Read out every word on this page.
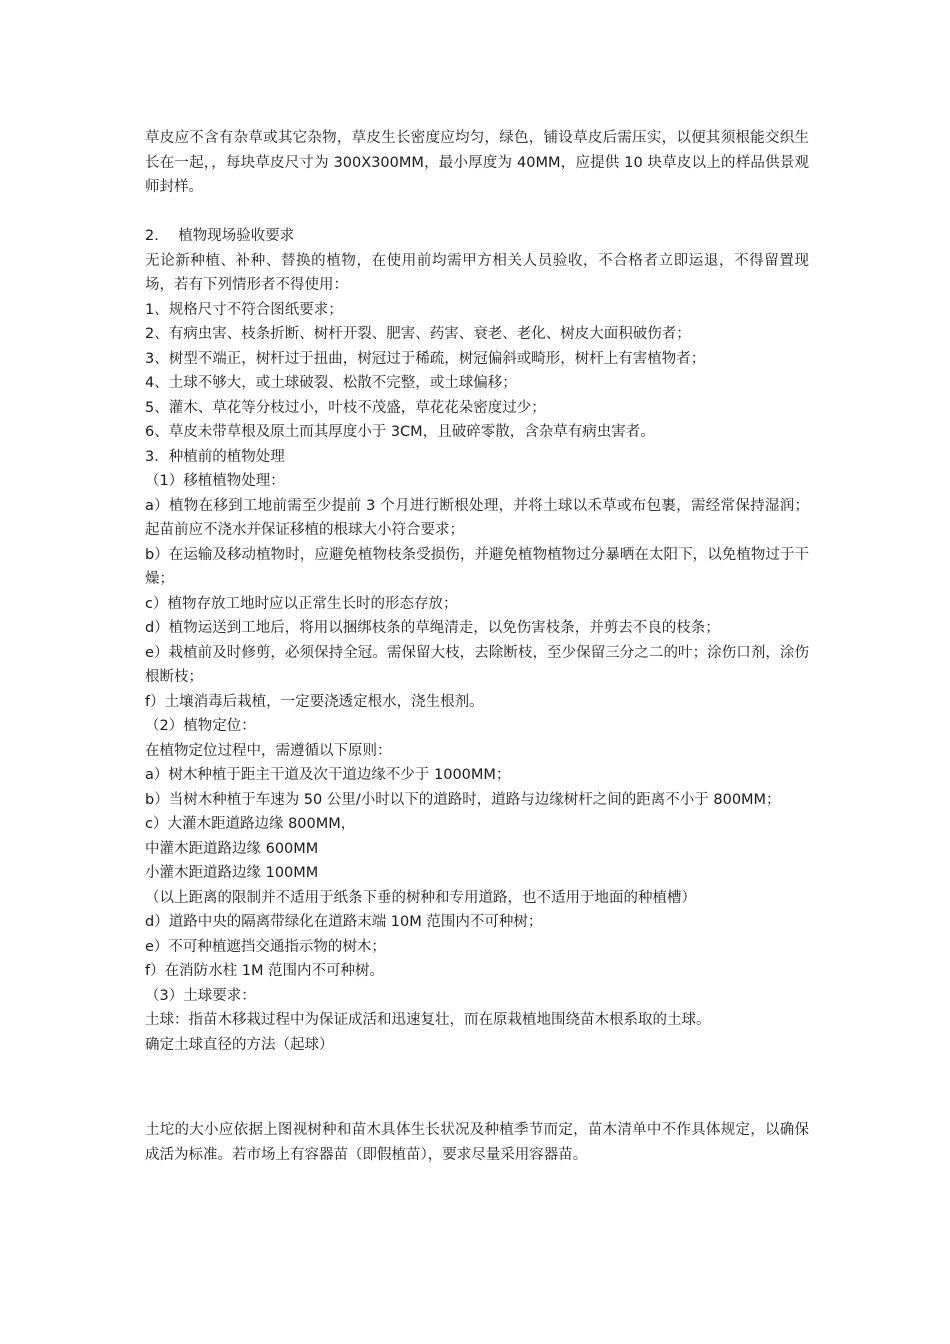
草皮应不含有杂草或其它杂物，草皮生长密度应均匀，绿色，铺设草皮后需压实，以便其须根能交织生长在一起，，每块草皮尺寸为 300X300MM，最小厚度为 40MM，应提供 10 块草皮以上的样品供景观师封样。

2. 植物现场验收要求

无论新种植、补种、替换的植物，在使用前均需甲方相关人员验收，不合格者立即运退，不得留置现场，若有下列情形者不得使用：

1、规格尺寸不符合图纸要求；

2、有病虫害、枝条折断、树杆开裂、肥害、药害、衰老、老化、树皮大面积破伤者；

3、树型不端正，树杆过于扭曲，树冠过于稀疏，树冠偏斜或畸形，树杆上有害植物者；

4、土球不够大，或土球破裂、松散不完整，或土球偏移；

5、灌木、草花等分枝过小，叶枝不茂盛，草花花朵密度过少；

6、草皮未带草根及原土而其厚度小于 3CM，且破碎零散，含杂草有病虫害者。

3．种植前的植物处理

（1）移植植物处理：

a）植物在移到工地前需至少提前 3 个月进行断根处理，并将土球以禾草或布包裹，需经常保持湿润；起苗前应不浇水并保证移植的根球大小符合要求；

b）在运输及移动植物时，应避免植物枝条受损伤，并避免植物植物过分暴晒在太阳下，以免植物过于干燥；

c）植物存放工地时应以正常生长时的形态存放；

d）植物运送到工地后，将用以捆绑枝条的草绳清走，以免伤害枝条，并剪去不良的枝条；

e）栽植前及时修剪，必须保持全冠。需保留大枝，去除断枝，至少保留三分之二的叶；涂伤口剂，涂伤根断枝；

f）土壤消毒后栽植，一定要浇透定根水，浇生根剂。

（2）植物定位：

在植物定位过程中，需遵循以下原则：

a）树木种植于距主干道及次干道边缘不少于 1000MM；

b）当树木种植于车速为 50 公里/小时以下的道路时，道路与边缘树杆之间的距离不小于 800MM；

c）大灌木距道路边缘 800MM，

中灌木距道路边缘 600MM

小灌木距道路边缘 100MM

（以上距离的限制并不适用于纸条下垂的树种和专用道路，也不适用于地面的种植槽）

d）道路中央的隔离带绿化在道路末端 10M 范围内不可种树；

e）不可种植遮挡交通指示物的树木；

f）在消防水柱 1M 范围内不可种树。

（3）土球要求：

土球：指苗木移栽过程中为保证成活和迅速复壮，而在原栽植地围绕苗木根系取的土球。

确定土球直径的方法（起球）

土坨的大小应依据上图视树种和苗木具体生长状况及种植季节而定，苗木清单中不作具体规定，以确保成活为标准。若市场上有容器苗（即假植苗），要求尽量采用容器苗。
